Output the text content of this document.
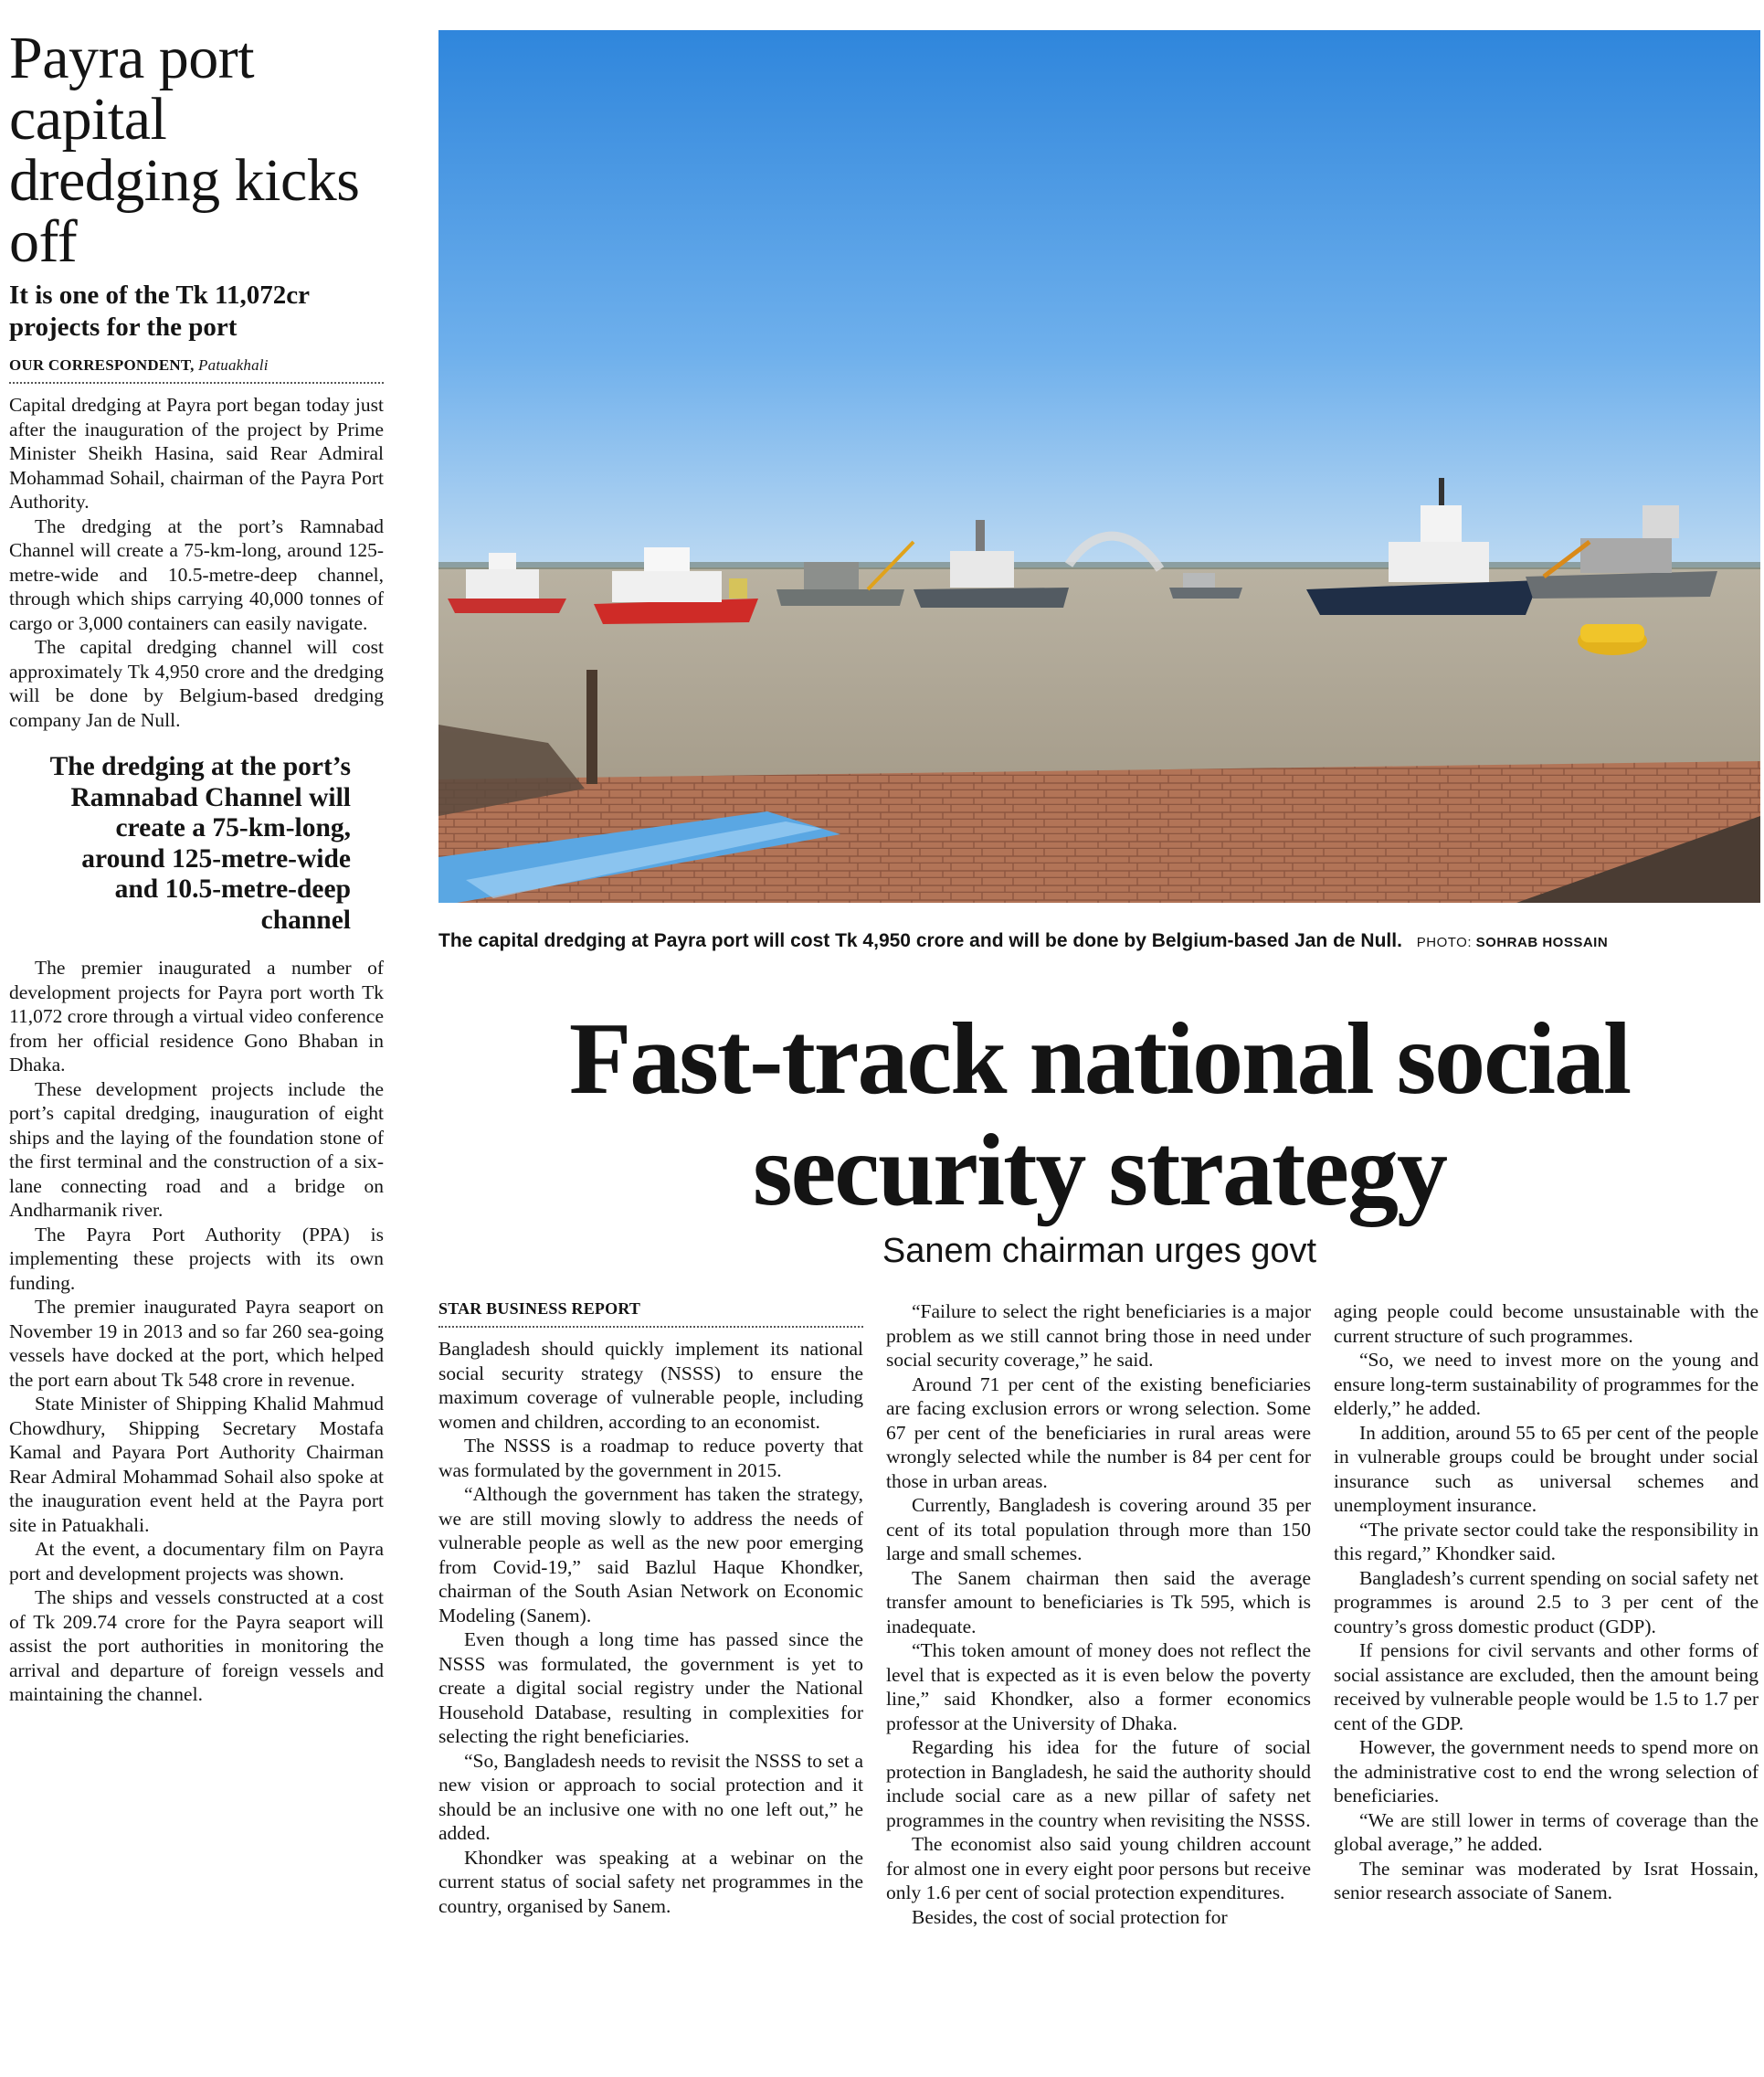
Payra port capital dredging kicks off
It is one of the Tk 11,072cr projects for the port
OUR CORRESPONDENT, Patuakhali

Capital dredging at Payra port began today just after the inauguration of the project by Prime Minister Sheikh Hasina, said Rear Admiral Mohammad Sohail, chairman of the Payra Port Authority.

The dredging at the port’s Ramnabad Channel will create a 75-km-long, around 125-metre-wide and 10.5-metre-deep channel, through which ships carrying 40,000 tonnes of cargo or 3,000 containers can easily navigate.

The capital dredging channel will cost approximately Tk 4,950 crore and the dredging will be done by Belgium-based dredging company Jan de Null.

The dredging at the port’s Ramnabad Channel will create a 75-km-long, around 125-metre-wide and 10.5-metre-deep channel

The premier inaugurated a number of development projects for Payra port worth Tk 11,072 crore through a virtual video conference from her official residence Gono Bhaban in Dhaka.

These development projects include the port’s capital dredging, inauguration of eight ships and the laying of the foundation stone of the first terminal and the construction of a six-lane connecting road and a bridge on Andharmanik river.

The Payra Port Authority (PPA) is implementing these projects with its own funding.

The premier inaugurated Payra seaport on November 19 in 2013 and so far 260 sea-going vessels have docked at the port, which helped the port earn about Tk 548 crore in revenue.

State Minister of Shipping Khalid Mahmud Chowdhury, Shipping Secretary Mostafa Kamal and Payara Port Authority Chairman Rear Admiral Mohammad Sohail also spoke at the inauguration event held at the Payra port site in Patuakhali.

At the event, a documentary film on Payra port and development projects was shown.

The ships and vessels constructed at a cost of Tk 209.74 crore for the Payra seaport will assist the port authorities in monitoring the arrival and departure of foreign vessels and maintaining the channel.

The capital dredging at Payra port will cost Tk 4,950 crore and will be done by Belgium-based Jan de Null. PHOTO: SOHRAB HOSSAIN
Fast-track national social
security strategy
Sanem chairman urges govt
STAR BUSINESS REPORT

Bangladesh should quickly implement its national social security strategy (NSSS) to ensure the maximum coverage of vulnerable people, including women and children, according to an economist.

The NSSS is a roadmap to reduce poverty that was formulated by the government in 2015.

“Although the government has taken the strategy, we are still moving slowly to address the needs of vulnerable people as well as the new poor emerging from Covid-19,” said Bazlul Haque Khondker, chairman of the South Asian Network on Economic Modeling (Sanem).

Even though a long time has passed since the NSSS was formulated, the government is yet to create a digital social registry under the National Household Database, resulting in complexities for selecting the right beneficiaries.

“So, Bangladesh needs to revisit the NSSS to set a new vision or approach to social protection and it should be an inclusive one with no one left out,” he added.

Khondker was speaking at a webinar on the current status of social safety net programmes in the country, organised by Sanem.

“Failure to select the right beneficiaries is a major problem as we still cannot bring those in need under social security coverage,” he said.

Around 71 per cent of the existing beneficiaries are facing exclusion errors or wrong selection. Some 67 per cent of the beneficiaries in rural areas were wrongly selected while the number is 84 per cent for those in urban areas.

Currently, Bangladesh is covering around 35 per cent of its total population through more than 150 large and small schemes.

The Sanem chairman then said the average transfer amount to beneficiaries is Tk 595, which is inadequate.

“This token amount of money does not reflect the level that is expected as it is even below the poverty line,” said Khondker, also a former economics professor at the University of Dhaka.

Regarding his idea for the future of social protection in Bangladesh, he said the authority should include social care as a new pillar of safety net programmes in the country when revisiting the NSSS.

The economist also said young children account for almost one in every eight poor persons but receive only 1.6 per cent of social protection expenditures.

Besides, the cost of social protection for

aging people could become unsustainable with the current structure of such programmes.

“So, we need to invest more on the young and ensure long-term sustainability of programmes for the elderly,” he added.

In addition, around 55 to 65 per cent of the people in vulnerable groups could be brought under social insurance such as universal schemes and unemployment insurance.

“The private sector could take the responsibility in this regard,” Khondker said.

Bangladesh’s current spending on social safety net programmes is around 2.5 to 3 per cent of the country’s gross domestic product (GDP).

If pensions for civil servants and other forms of social assistance are excluded, then the amount being received by vulnerable people would be 1.5 to 1.7 per cent of the GDP.

However, the government needs to spend more on the administrative cost to end the wrong selection of beneficiaries.

“We are still lower in terms of coverage than the global average,” he added.

The seminar was moderated by Israt Hossain, senior research associate of Sanem.
